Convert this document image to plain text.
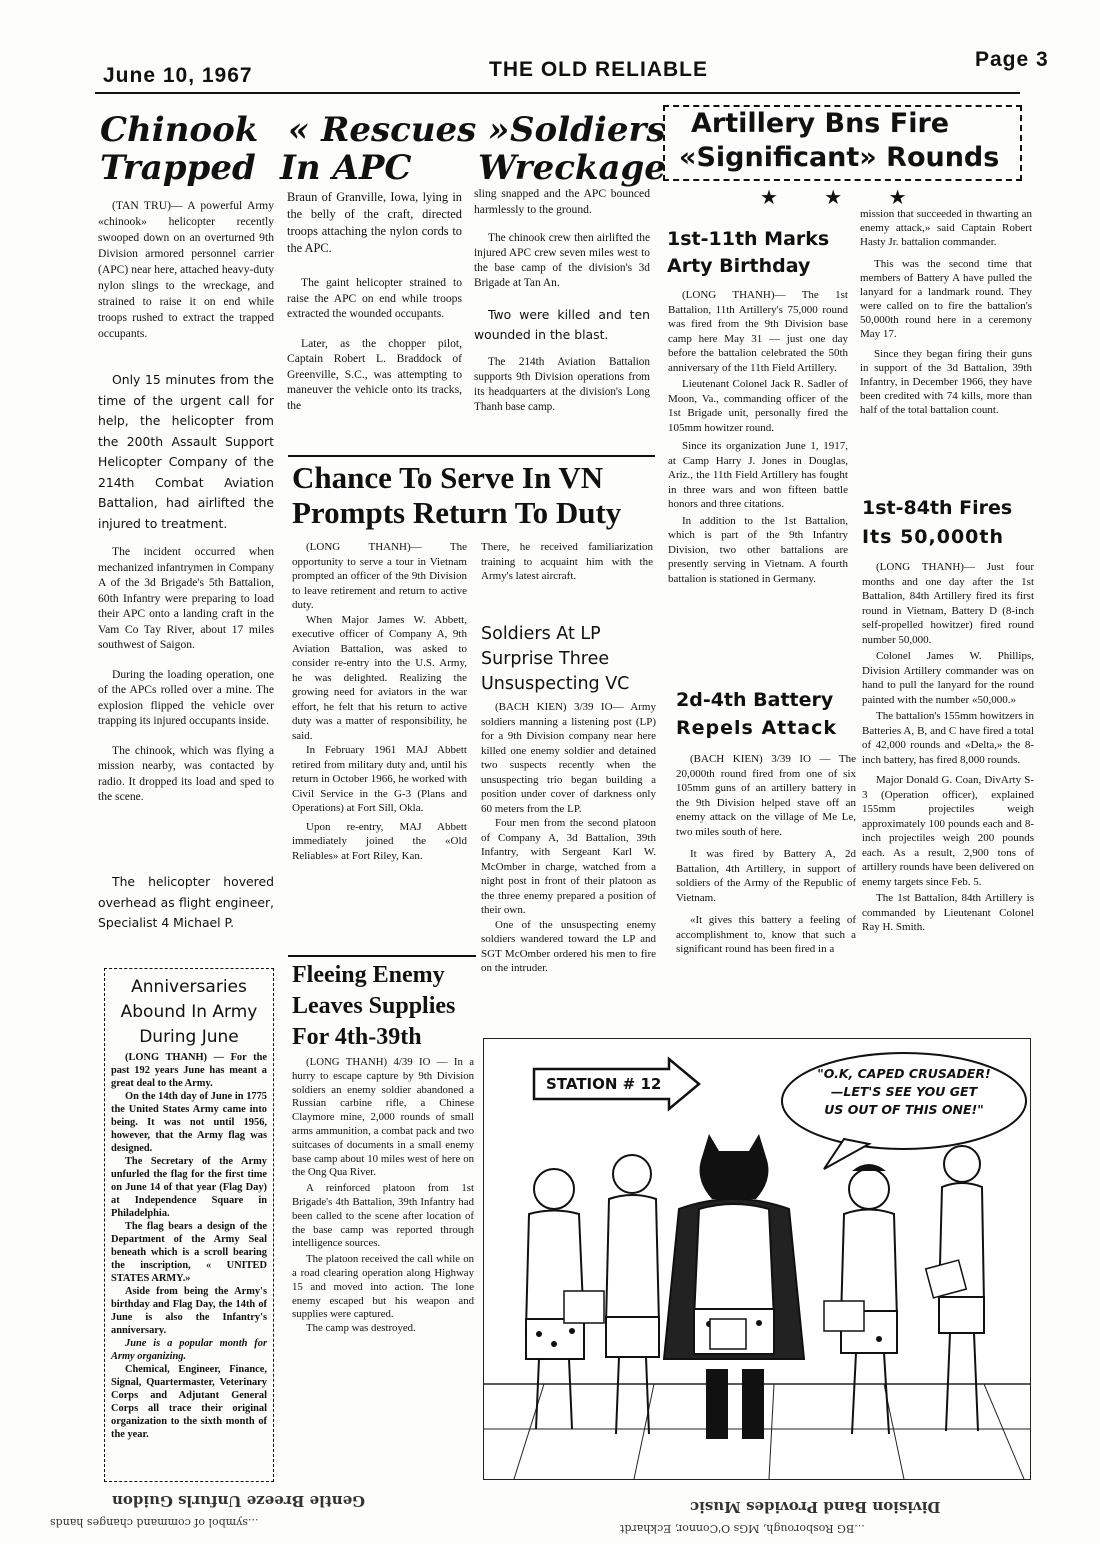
June 10, 1967	THE OLD RELIABLE	Page 3
Chinook « Rescues » Soldiers
Trapped In APC Wreckage

(TAN TRU)— A powerful Army «chinook» helicopter recently swooped down on an overturned 9th Division armored personnel carrier (APC) near here, attached heavy-duty nylon slings to the wreckage, and strained to raise it on end while troops rushed to extract the trapped occupants.

Only 15 minutes from the time of the urgent call for help, the helicopter from the 200th Assault Support Helicopter Company of the 214th Combat Aviation Battalion, had airlifted the injured to treatment.

The incident occurred when mechanized infantrymen in Company A of the 3d Brigade's 5th Battalion, 60th Infantry were preparing to load their APC onto a landing craft in the Vam Co Tay River, about 17 miles southwest of Saigon.

During the loading operation, one of the APCs rolled over a mine. The explosion flipped the vehicle over trapping its injured occupants inside.

The chinook, which was flying a mission nearby, was contacted by radio. It dropped its load and sped to the scene.

The helicopter hovered overhead as flight engineer, Specialist 4 Michael P.

Braun of Granville, Iowa, lying in the belly of the craft, directed troops attaching the nylon cords to the APC.

The gaint helicopter strained to raise the APC on end while troops extracted the wounded occupants.

Later, as the chopper pilot, Captain Robert L. Braddock of Greenville, S.C., was attempting to maneuver the vehicle onto its tracks, the

sling snapped and the APC bounced harmlessly to the ground.

The chinook crew then airlifted the injured APC crew seven miles west to the base camp of the division's 3d Brigade at Tan An.

Two were killed and ten wounded in the blast.

The 214th Aviation Battalion supports 9th Division operations from its headquarters at the division's Long Thanh base camp.

Artillery Bns Fire
«Significant» Rounds
★ ★ ★
1st-11th Marks
Arty Birthday

(LONG THANH)— The 1st Battalion, 11th Artillery's 75,000 round was fired from the 9th Division base camp here May 31 — just one day before the battalion celebrated the 50th anniversary of the 11th Field Artillery.

Lieutenant Colonel Jack R. Sadler of Moon, Va., commanding officer of the 1st Brigade unit, personally fired the 105mm howitzer round.

Since its organization June 1, 1917, at Camp Harry J. Jones in Douglas, Ariz., the 11th Field Artillery has fought in three wars and won fifteen battle honors and three citations.

In addition to the 1st Battalion, which is part of the 9th Infantry Division, two other battalions are presently serving in Vietnam. A fourth battalion is stationed in Germany.

mission that succeeded in thwarting an enemy attack,» said Captain Robert Hasty Jr. battalion commander.

This was the second time that members of Battery A have pulled the lanyard for a landmark round. They were called on to fire the battalion's 50,000th round here in a ceremony May 17.

Since they began firing their guns in support of the 3d Battalion, 39th Infantry, in December 1966, they have been credited with 74 kills, more than half of the total battalion count.

1st-84th Fires
Its 50,000th

(LONG THANH)— Just four months and one day after the 1st Battalion, 84th Artillery fired its first round in Vietnam, Battery D (8-inch self-propelled howitzer) fired round number 50,000.

Colonel James W. Phillips, Division Artillery commander was on hand to pull the lanyard for the round painted with the number «50,000.»

The battalion's 155mm howitzers in Batteries A, B, and C have fired a total of 42,000 rounds and «Delta,» the 8-inch battery, has fired 8,000 rounds.

Major Donald G. Coan, DivArty S-3 (Operation officer), explained 155mm projectiles weigh approximately 100 pounds each and 8-inch projectiles weigh 200 pounds each. As a result, 2,900 tons of artillery rounds have been delivered on enemy targets since Feb. 5.

The 1st Battalion, 84th Artillery is commanded by Lieutenant Colonel Ray H. Smith.

Chance To Serve In VN
Prompts Return To Duty

(LONG THANH)— The opportunity to serve a tour in Vietnam prompted an officer of the 9th Division to leave retirement and return to active duty.

When Major James W. Abbett, executive officer of Company A, 9th Aviation Battalion, was asked to consider re-entry into the U.S. Army, he was delighted. Realizing the growing need for aviators in the war effort, he felt that his return to active duty was a matter of responsibility, he said.

In February 1961 MAJ Abbett retired from military duty and, until his return in October 1966, he worked with Civil Service in the G-3 (Plans and Operations) at Fort Sill, Okla.

Upon re-entry, MAJ Abbett immediately joined the «Old Reliables» at Fort Riley, Kan.

There, he received familiarization training to acquaint him with the Army's latest aircraft.

Soldiers At LP
Surprise Three
Unsuspecting VC

(BACH KIEN) 3/39 IO— Army soldiers manning a listening post (LP) for a 9th Division company near here killed one enemy soldier and detained two suspects recently when the unsuspecting trio began building a position under cover of darkness only 60 meters from the LP.

Four men from the second platoon of Company A, 3d Battalion, 39th Infantry, with Sergeant Karl W. McOmber in charge, watched from a night post in front of their platoon as the three enemy prepared a position of their own.

One of the unsuspecting enemy soldiers wandered toward the LP and SGT McOmber ordered his men to fire on the intruder.

2d-4th Battery
Repels Attack

(BACH KIEN) 3/39 IO — The 20,000th round fired from one of six 105mm guns of an artillery battery in the 9th Division helped stave off an enemy attack on the village of Me Le, two miles south of here.

It was fired by Battery A, 2d Battalion, 4th Artillery, in support of soldiers of the Army of the Republic of Vietnam.

«It gives this battery a feeling of accomplishment to, know that such a significant round has been fired in a

Anniversaries
Abound In Army
During June

(LONG THANH) — For the past 192 years June has meant a great deal to the Army.

On the 14th day of June in 1775 the United States Army came into being. It was not until 1956, however, that the Army flag was designed.

The Secretary of the Army unfurled the flag for the first time on June 14 of that year (Flag Day) at Independence Square in Philadelphia.

The flag bears a design of the Department of the Army Seal beneath which is a scroll bearing the inscription, « UNITED STATES ARMY.»

Aside from being the Army's birthday and Flag Day, the 14th of June is also the Infantry's anniversary.

June is a popular month for Army organizing.

Chemical, Engineer, Finance, Signal, Quartermaster, Veterinary Corps and Adjutant General Corps all trace their original organization to the sixth month of the year.

Fleeing Enemy
Leaves Supplies
For 4th-39th

(LONG THANH) 4/39 IO — In a hurry to escape capture by 9th Division soldiers an enemy soldier abandoned a Russian carbine rifle, a Chinese Claymore mine, 2,000 rounds of small arms ammunition, a combat pack and two suitcases of documents in a small enemy base camp about 10 miles west of here on the Ong Qua River.

A reinforced platoon from 1st Brigade's 4th Battalion, 39th Infantry had been called to the scene after location of the base camp was reported through intelligence sources.

The platoon received the call while on a road clearing operation along Highway 15 and moved into action. The lone enemy escaped but his weapon and supplies were captured.

The camp was destroyed.

STATION # 12
"O.K, CAPED CRUSADER!
—LET'S SEE YOU GET
US OUT OF THIS ONE!"
Gentle Breeze Unfurls Guidon
...symbol of command changes hands
Division Band Provides Music
...BG Rosborough, MGs O'Connor, Eckhardt
